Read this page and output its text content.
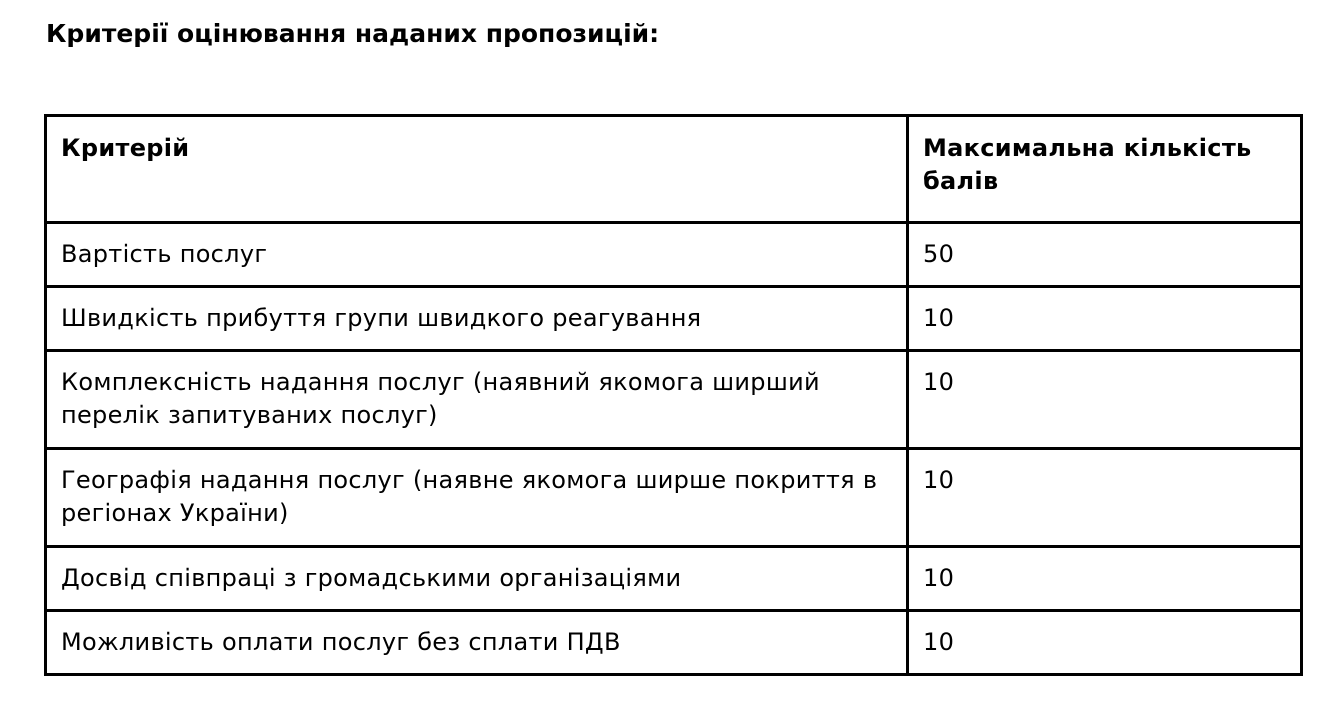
Критерії оцінювання наданих пропозицій:
Критерій	Максимальна кількість балів
Вартість послуг	50
Швидкість прибуття групи швидкого реагування	10
Комплексність надання послуг (наявний якомога ширший перелік запитуваних послуг)	10
Географія надання послуг (наявне якомога ширше покриття в регіонах України)	10
Досвід співпраці з громадськими організаціями	10
Можливість оплати послуг без сплати ПДВ	10
